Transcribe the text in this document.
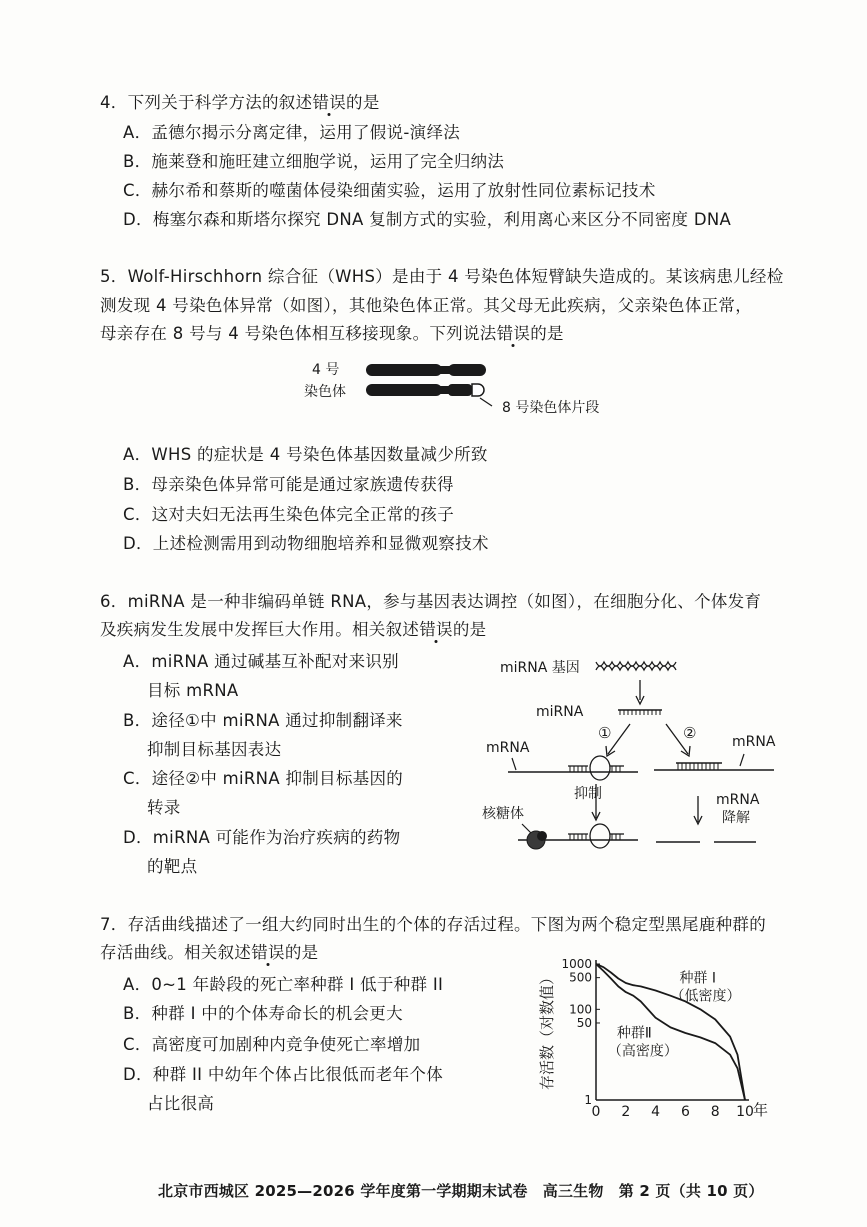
4．下列关于科学方法的叙述错误的是
A．孟德尔揭示分离定律，运用了假说-演绎法
B．施莱登和施旺建立细胞学说，运用了完全归纳法
C．赫尔希和蔡斯的噬菌体侵染细菌实验，运用了放射性同位素标记技术
D．梅塞尔森和斯塔尔探究 DNA 复制方式的实验，利用离心来区分不同密度 DNA
5．Wolf-Hirschhorn 综合征（WHS）是由于 4 号染色体短臂缺失造成的。某该病患儿经检
测发现 4 号染色体异常（如图），其他染色体正常。其父母无此疾病，父亲染色体正常，
母亲存在 8 号与 4 号染色体相互移接现象。下列说法错误的是
4 号
染色体
8 号染色体片段
A．WHS 的症状是 4 号染色体基因数量减少所致
B．母亲染色体异常可能是通过家族遗传获得
C．这对夫妇无法再生染色体完全正常的孩子
D．上述检测需用到动物细胞培养和显微观察技术
6．miRNA 是一种非编码单链 RNA，参与基因表达调控（如图），在细胞分化、个体发育
及疾病发生发展中发挥巨大作用。相关叙述错误的是
A．miRNA 通过碱基互补配对来识别
目标 mRNA
B．途径①中 miRNA 通过抑制翻译来
抑制目标基因表达
C．途径②中 miRNA 抑制目标基因的
转录
D．miRNA 可能作为治疗疾病的药物
的靶点
miRNA 基因
miRNA
①	②
mRNA	mRNA
抑制
核糖体
mRNA
降解
7．存活曲线描述了一组大约同时出生的个体的存活过程。下图为两个稳定型黑尾鹿种群的
存活曲线。相关叙述错误的是
A．0~1 年龄段的死亡率种群 I 低于种群 II
B．种群 I 中的个体寿命长的机会更大
C．高密度可加剧种内竞争使死亡率增加
D．种群 II 中幼年个体占比很低而老年个体
占比很高
存活数（对数值）
年
1000
500
100
50
1
0 2 4 6 8 10
种群 I
（低密度）
种群Ⅱ
（高密度）
北京市西城区 2025—2026 学年度第一学期期末试卷　高三生物　第 2 页（共 10 页）
